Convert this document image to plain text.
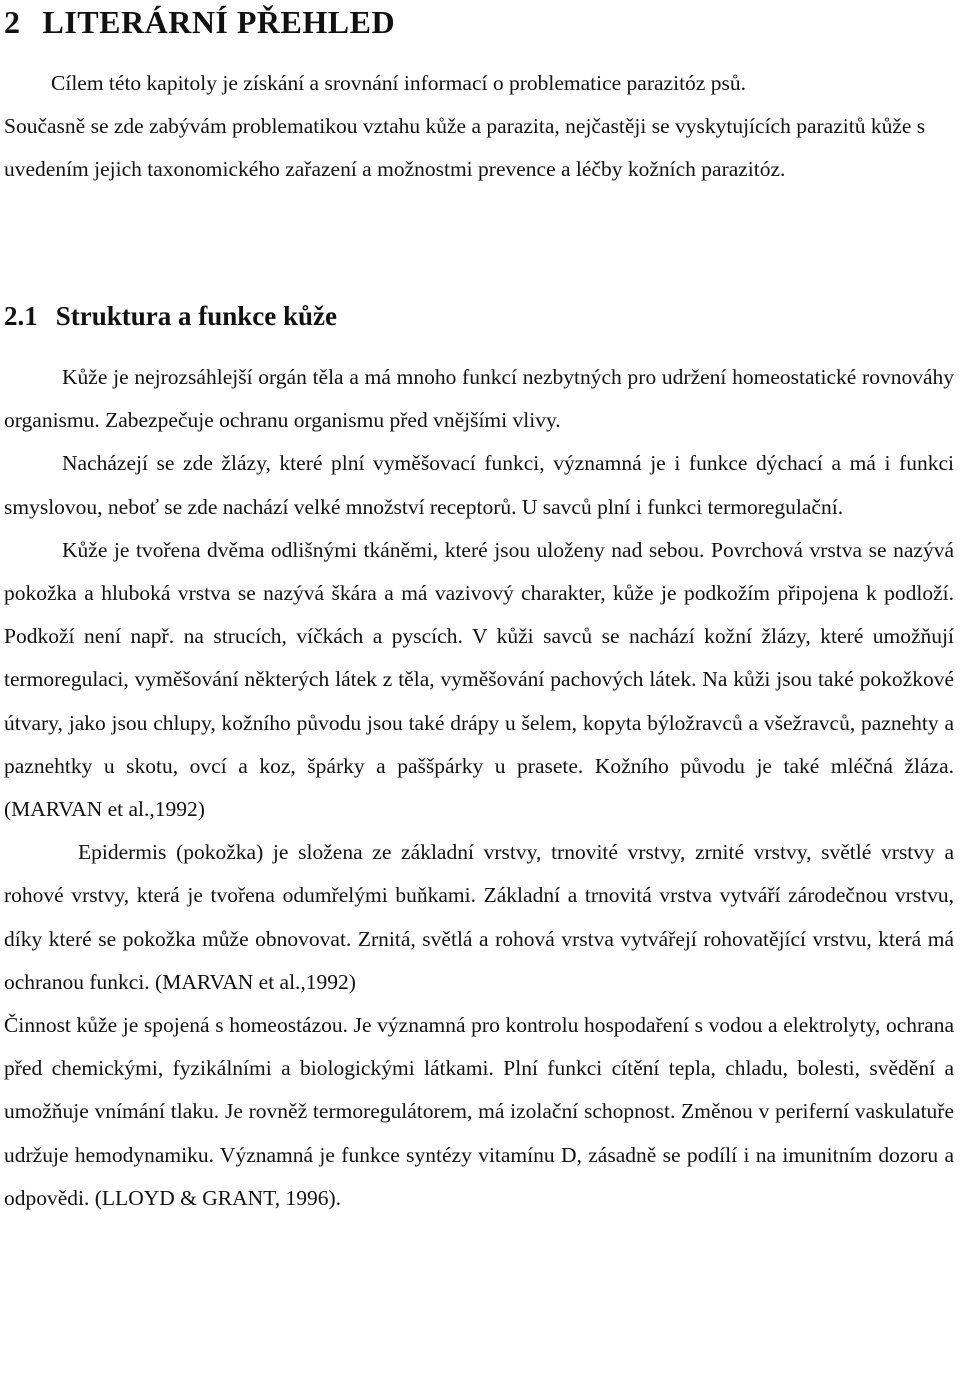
2 LITERÁRNÍ PŘEHLED

Cílem této kapitoly je získání a srovnání informací o problematice parazitóz psů.
Současně se zde zabývám problematikou vztahu kůže a parazita, nejčastěji se vyskytujících parazitů kůže s uvedením jejich taxonomického zařazení a možnostmi prevence a léčby kožních parazitóz.

2.1 Struktura a funkce kůže

Kůže je nejrozsáhlejší orgán těla a má mnoho funkcí nezbytných pro udržení homeostatické rovnováhy organismu. Zabezpečuje ochranu organismu před vnějšími vlivy.

Nacházejí se zde žlázy, které plní vyměšovací funkci, významná je i funkce dýchací a má i funkci smyslovou, neboť se zde nachází velké množství receptorů. U savců plní i funkci termoregulační.

Kůže je tvořena dvěma odlišnými tkáněmi, které jsou uloženy nad sebou. Povrchová vrstva se nazývá pokožka a hluboká vrstva se nazývá škára a má vazivový charakter, kůže je podkožím připojena k podloží. Podkoží není např. na strucích, víčkách a pyscích. V kůži savců se nachází kožní žlázy, které umožňují termoregulaci, vyměšování některých látek z těla, vyměšování pachových látek. Na kůži jsou také pokožkové útvary, jako jsou chlupy, kožního původu jsou také drápy u šelem, kopyta býložravců a všežravců, paznehty a paznehtky u skotu, ovcí a koz, špárky a paššpárky u prasete. Kožního původu je také mléčná žláza. (MARVAN et al.,1992)

Epidermis (pokožka) je složena ze základní vrstvy, trnovité vrstvy, zrnité vrstvy, světlé vrstvy a rohové vrstvy, která je tvořena odumřelými buňkami. Základní a trnovitá vrstva vytváří zárodečnou vrstvu, díky které se pokožka může obnovovat. Zrnitá, světlá a rohová vrstva vytvářejí rohovatějící vrstvu, která má ochranou funkci. (MARVAN et al.,1992)

Činnost kůže je spojená s homeostázou. Je významná pro kontrolu hospodaření s vodou a elektrolyty, ochrana před chemickými, fyzikálními a biologickými látkami. Plní funkci cítění tepla, chladu, bolesti, svědění a umožňuje vnímání tlaku. Je rovněž termoregulátorem, má izolační schopnost. Změnou v periferní vaskulatuře udržuje hemodynamiku. Významná je funkce syntézy vitamínu D, zásadně se podílí i na imunitním dozoru a odpovědi. (LLOYD & GRANT, 1996).
